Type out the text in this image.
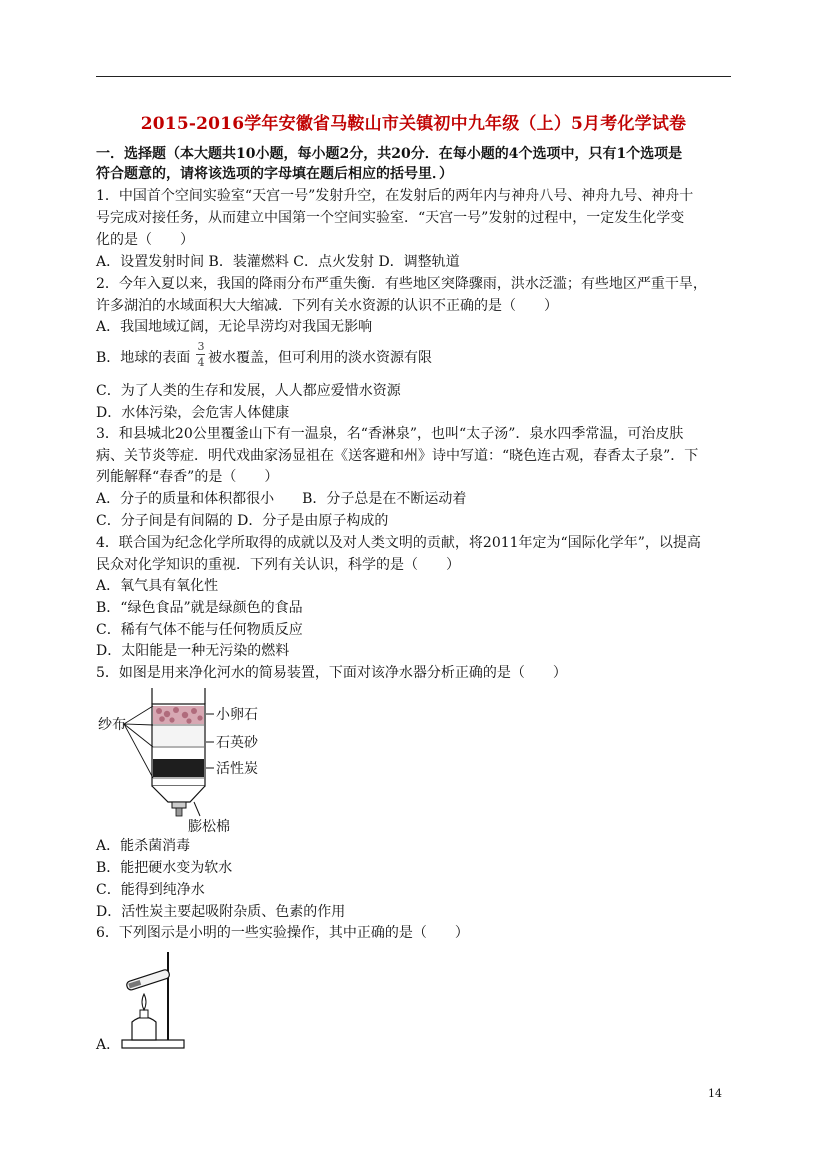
2015-2016学年安徽省马鞍山市关镇初中九年级（上）5月考化学试卷
一．选择题（本大题共10小题，每小题2分，共20分．在每小题的4个选项中，只有1个选项是
符合题意的，请将该选项的字母填在题后相应的括号里．）
1．中国首个空间实验室“天宫一号”发射升空，在发射后的两年内与神舟八号、神舟九号、神舟十
号完成对接任务，从而建立中国第一个空间实验室．“天宫一号”发射的过程中，一定发生化学变
化的是（　　）
A．设置发射时间 B．装灌燃料 C．点火发射 D．调整轨道
2．今年入夏以来，我国的降雨分布严重失衡．有些地区突降骤雨，洪水泛滥；有些地区严重干旱，
许多湖泊的水域面积大大缩减．下列有关水资源的认识不正确的是（　　）
A．我国地域辽阔，无论旱涝均对我国无影响
B．地球的表面
3
4 被水覆盖，但可利用的淡水资源有限
C．为了人类的生存和发展，人人都应爱惜水资源
D．水体污染，会危害人体健康
3．和县城北20公里覆釜山下有一温泉，名“香淋泉”，也叫“太子汤”．泉水四季常温，可治皮肤
病、关节炎等症．明代戏曲家汤显祖在《送客避和州》诗中写道：“晓色连古观，春香太子泉”．下
列能解释“春香”的是（　　）
A．分子的质量和体积都很小　　B．分子总是在不断运动着
C．分子间是有间隔的 D．分子是由原子构成的
4．联合国为纪念化学所取得的成就以及对人类文明的贡献，将2011年定为“国际化学年”，以提高
民众对化学知识的重视．下列有关认识，科学的是（　　）
A．氧气具有氧化性
B．“绿色食品”就是绿颜色的食品
C．稀有气体不能与任何物质反应
D．太阳能是一种无污染的燃料
5．如图是用来净化河水的简易装置，下面对该净水器分析正确的是（　　）
纱布
小卵石
石英砂
活性炭
膨松棉
A．能杀菌消毒
B．能把硬水变为软水
C．能得到纯净水
D．活性炭主要起吸附杂质、色素的作用
6．下列图示是小明的一些实验操作，其中正确的是（　　）
A．
14
